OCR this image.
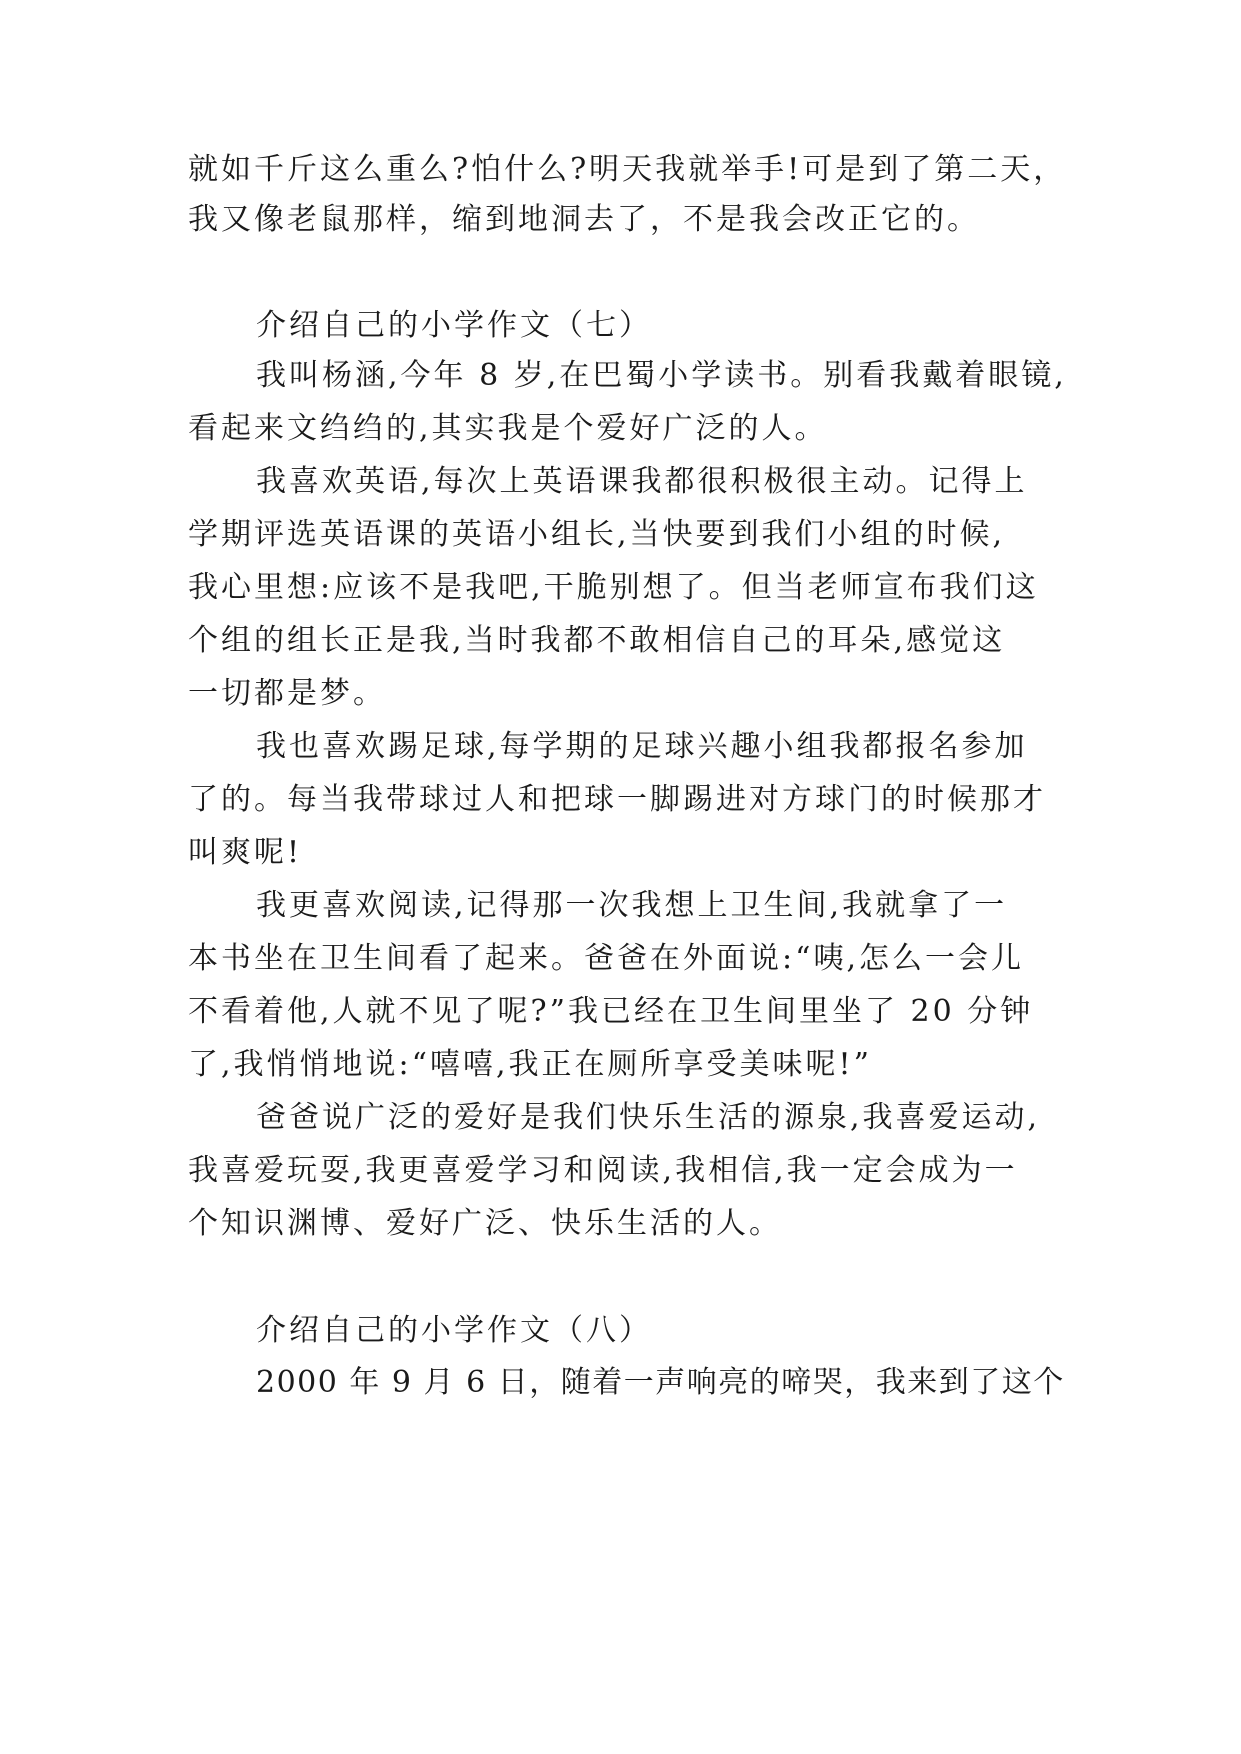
就如千斤这么重么?怕什么?明天我就举手!可是到了第二天，
我又像老鼠那样，缩到地洞去了，不是我会改正它的。
介绍自己的小学作文（七）
我叫杨涵,今年 8 岁,在巴蜀小学读书。别看我戴着眼镜,
看起来文绉绉的,其实我是个爱好广泛的人。
我喜欢英语,每次上英语课我都很积极很主动。记得上
学期评选英语课的英语小组长,当快要到我们小组的时候,
我心里想:应该不是我吧,干脆别想了。但当老师宣布我们这
个组的组长正是我,当时我都不敢相信自己的耳朵,感觉这
一切都是梦。
我也喜欢踢足球,每学期的足球兴趣小组我都报名参加
了的。每当我带球过人和把球一脚踢进对方球门的时候那才
叫爽呢!
我更喜欢阅读,记得那一次我想上卫生间,我就拿了一
本书坐在卫生间看了起来。爸爸在外面说:“咦,怎么一会儿
不看着他,人就不见了呢?”我已经在卫生间里坐了 20 分钟
了,我悄悄地说:“嘻嘻,我正在厕所享受美味呢!”
爸爸说广泛的爱好是我们快乐生活的源泉,我喜爱运动,
我喜爱玩耍,我更喜爱学习和阅读,我相信,我一定会成为一
个知识渊博、爱好广泛、快乐生活的人。
介绍自己的小学作文（八）
2000 年 9 月 6 日，随着一声响亮的啼哭，我来到了这个
